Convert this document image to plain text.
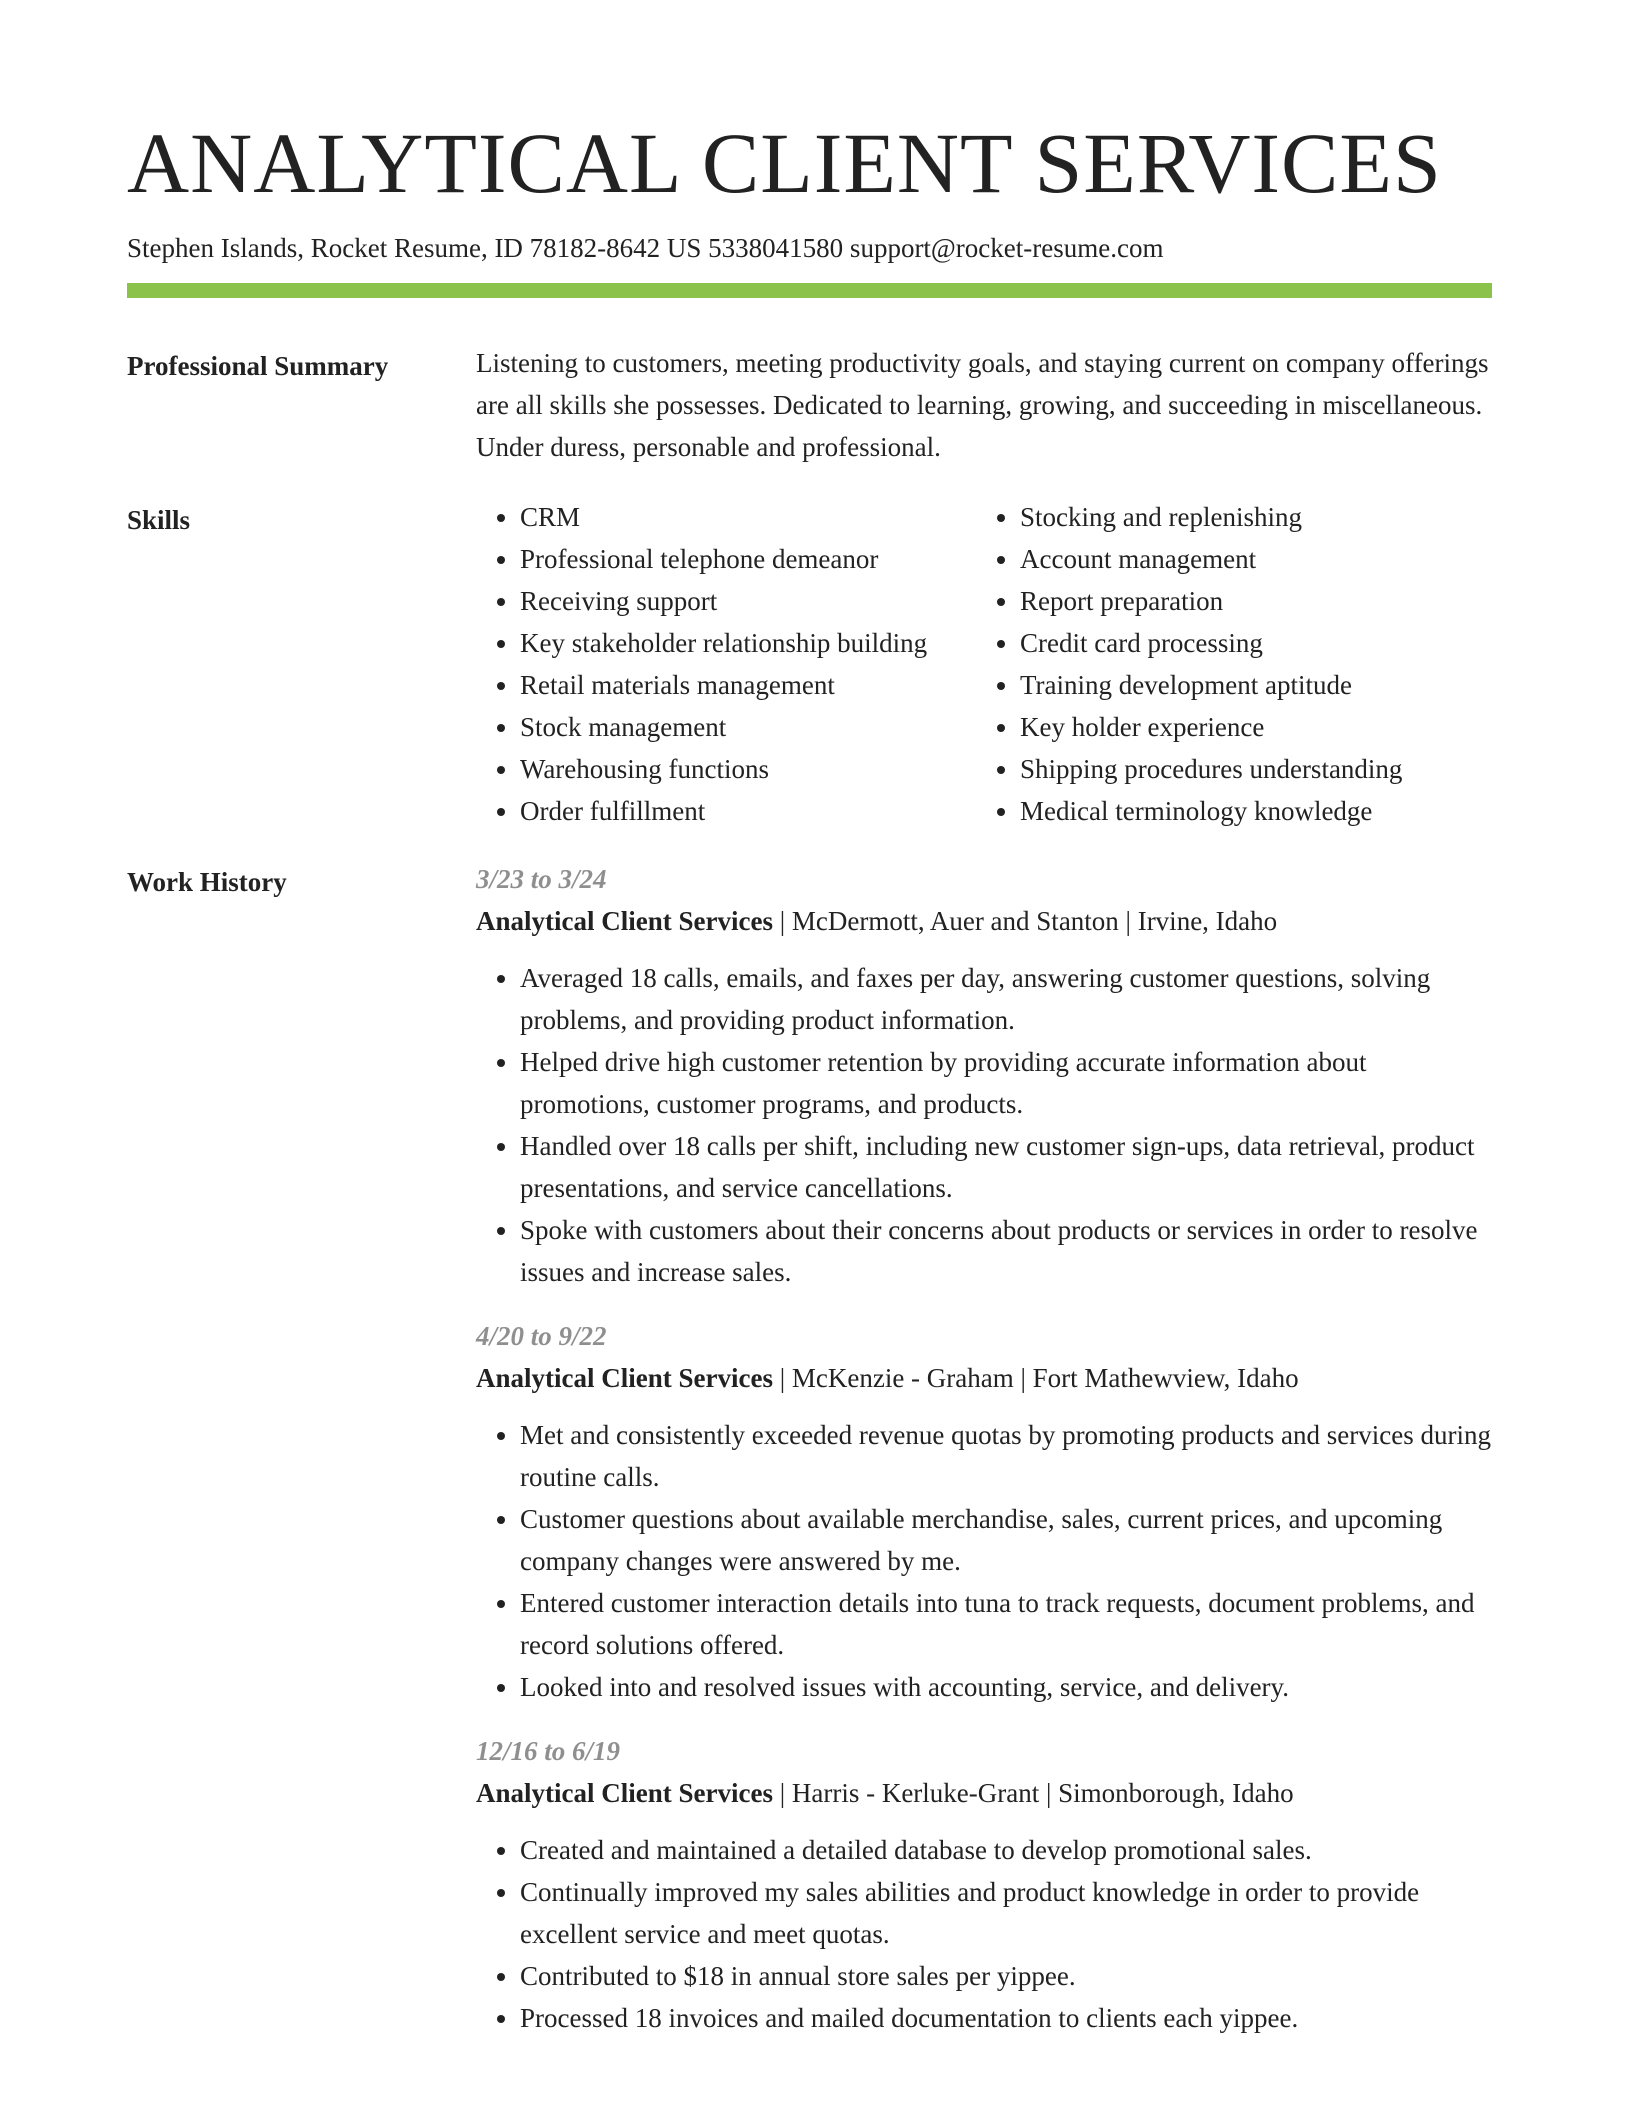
ANALYTICAL CLIENT SERVICES
Stephen Islands, Rocket Resume, ID 78182-8642 US 5338041580 support@rocket-resume.com
Professional Summary	Listening to customers, meeting productivity goals, and staying current on company offerings are all skills she possesses. Dedicated to learning, growing, and succeeding in miscellaneous. Under duress, personable and professional.

Skills
•	CRM
• Professional telephone demeanor
• Receiving support
• Key stakeholder relationship building
• Retail materials management
• Stock management
• Warehousing functions
• Order fulfillment
• Stocking and replenishing
• Account management
• Report preparation
• Credit card processing
• Training development aptitude
• Key holder experience
• Shipping procedures understanding
• Medical terminology knowledge
Work History	3/23 to 3/24
Analytical Client Services | McDermott, Auer and Stanton | Irvine, Idaho
• Averaged 18 calls, emails, and faxes per day, answering customer questions, solving problems, and providing product information.
• Helped drive high customer retention by providing accurate information about promotions, customer programs, and products.
• Handled over 18 calls per shift, including new customer sign-ups, data retrieval, product presentations, and service cancellations.
• Spoke with customers about their concerns about products or services in order to resolve issues and increase sales.
4/20 to 9/22
Analytical Client Services | McKenzie - Graham | Fort Mathewview, Idaho
• Met and consistently exceeded revenue quotas by promoting products and services during routine calls.
• Customer questions about available merchandise, sales, current prices, and upcoming company changes were answered by me.
• Entered customer interaction details into tuna to track requests, document problems, and record solutions offered.
• Looked into and resolved issues with accounting, service, and delivery.
12/16 to 6/19
Analytical Client Services | Harris - Kerluke-Grant | Simonborough, Idaho
• Created and maintained a detailed database to develop promotional sales.
• Continually improved my sales abilities and product knowledge in order to provide excellent service and meet quotas.
• Contributed to $18 in annual store sales per yippee.
• Processed 18 invoices and mailed documentation to clients each yippee.
